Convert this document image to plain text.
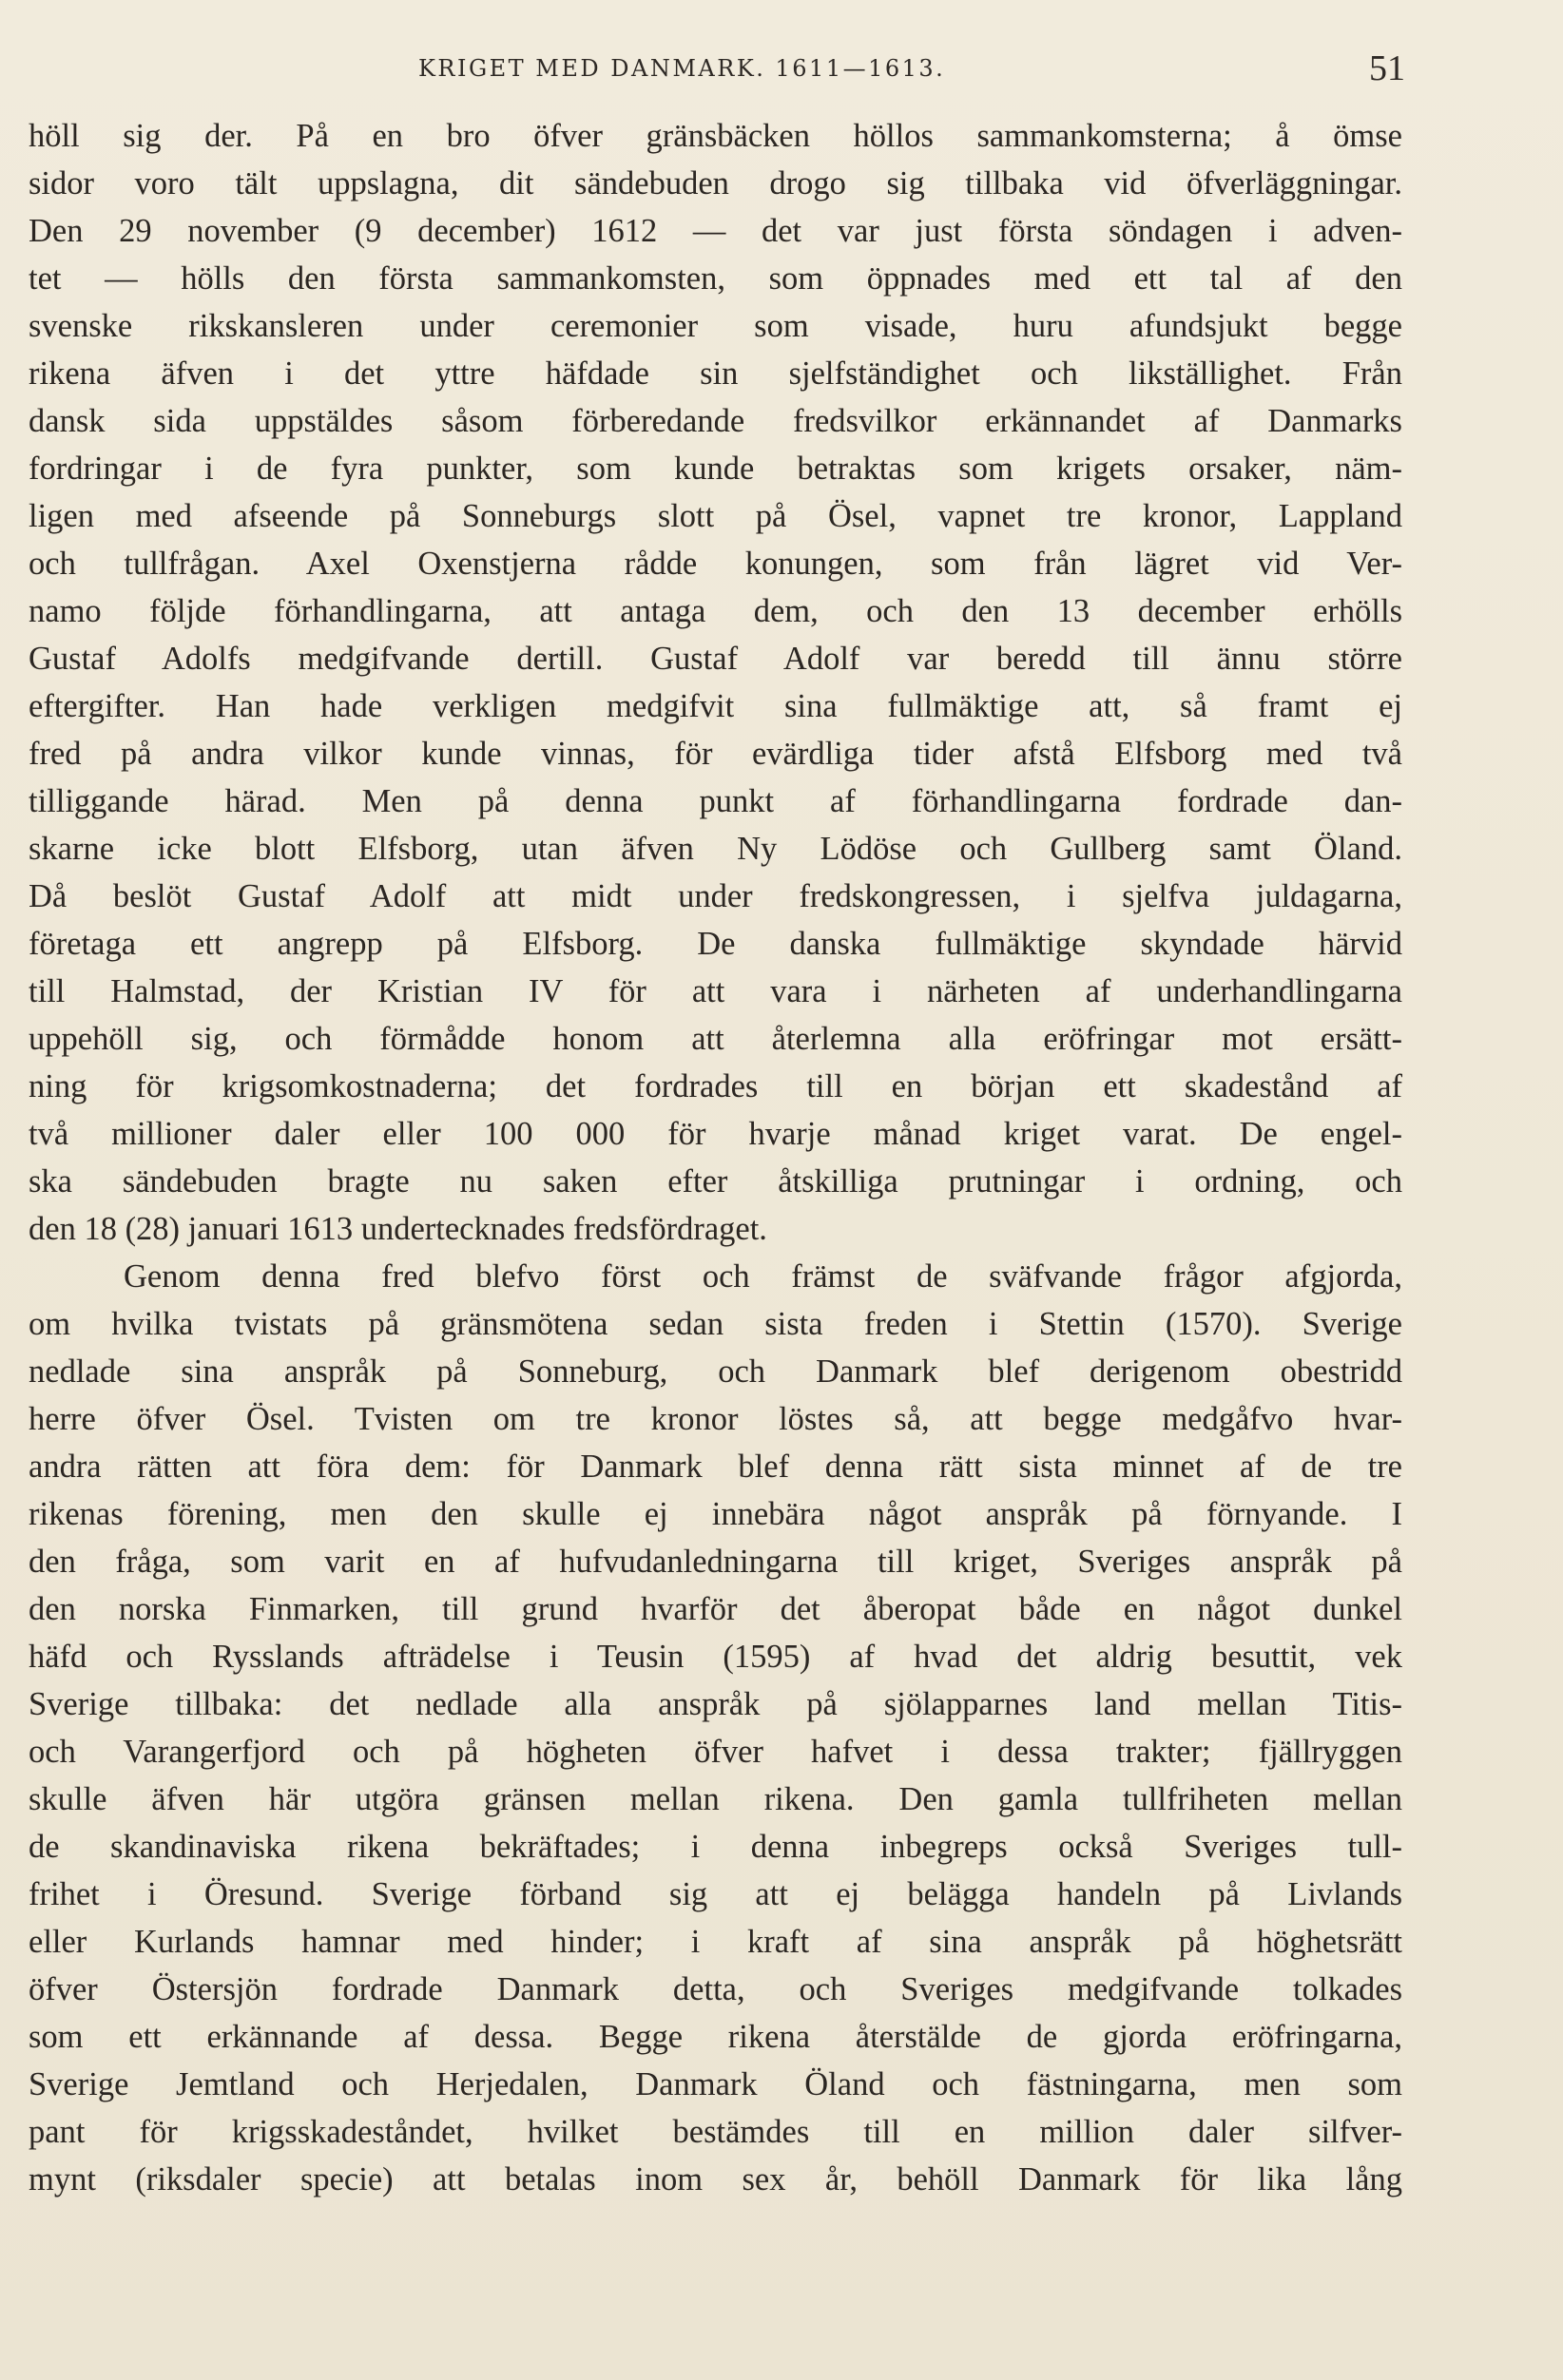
KRIGET MED DANMARK. 1611—1613.	51
höll sig der. På en bro öfver gränsbäcken höllos sammankomsterna; å ömse
sidor voro tält uppslagna, dit sändebuden drogo sig tillbaka vid öfverläggningar.
Den 29 november (9 december) 1612 — det var just första söndagen i adven-
tet — hölls den första sammankomsten, som öppnades med ett tal af den
svenske rikskansleren under ceremonier som visade, huru afundsjukt begge
rikena äfven i det yttre häfdade sin sjelfständighet och likställighet. Från
dansk sida uppstäldes såsom förberedande fredsvilkor erkännandet af Danmarks
fordringar i de fyra punkter, som kunde betraktas som krigets orsaker, näm-
ligen med afseende på Sonneburgs slott på Ösel, vapnet tre kronor, Lappland
och tullfrågan. Axel Oxenstjerna rådde konungen, som från lägret vid Ver-
namo följde förhandlingarna, att antaga dem, och den 13 december erhölls
Gustaf Adolfs medgifvande dertill. Gustaf Adolf var beredd till ännu större
eftergifter. Han hade verkligen medgifvit sina fullmäktige att, så framt ej
fred på andra vilkor kunde vinnas, för evärdliga tider afstå Elfsborg med två
tilliggande härad. Men på denna punkt af förhandlingarna fordrade dan-
skarne icke blott Elfsborg, utan äfven Ny Lödöse och Gullberg samt Öland.
Då beslöt Gustaf Adolf att midt under fredskongressen, i sjelfva juldagarna,
företaga ett angrepp på Elfsborg. De danska fullmäktige skyndade härvid
till Halmstad, der Kristian IV för att vara i närheten af underhandlingarna
uppehöll sig, och förmådde honom att återlemna alla eröfringar mot ersätt-
ning för krigsomkostnaderna; det fordrades till en början ett skadestånd af
två millioner daler eller 100 000 för hvarje månad kriget varat. De engel-
ska sändebuden bragte nu saken efter åtskilliga prutningar i ordning, och
den 18 (28) januari 1613 undertecknades fredsfördraget.
Genom denna fred blefvo först och främst de sväfvande frågor afgjorda,
om hvilka tvistats på gränsmötena sedan sista freden i Stettin (1570). Sverige
nedlade sina anspråk på Sonneburg, och Danmark blef derigenom obestridd
herre öfver Ösel. Tvisten om tre kronor löstes så, att begge medgåfvo hvar-
andra rätten att föra dem: för Danmark blef denna rätt sista minnet af de tre
rikenas förening, men den skulle ej innebära något anspråk på förnyande. I
den fråga, som varit en af hufvudanledningarna till kriget, Sveriges anspråk på
den norska Finmarken, till grund hvarför det åberopat både en något dunkel
häfd och Rysslands afträdelse i Teusin (1595) af hvad det aldrig besuttit, vek
Sverige tillbaka: det nedlade alla anspråk på sjölapparnes land mellan Titis-
och Varangerfjord och på högheten öfver hafvet i dessa trakter; fjällryggen
skulle äfven här utgöra gränsen mellan rikena. Den gamla tullfriheten mellan
de skandinaviska rikena bekräftades; i denna inbegreps också Sveriges tull-
frihet i Öresund. Sverige förband sig att ej belägga handeln på Livlands
eller Kurlands hamnar med hinder; i kraft af sina anspråk på höghetsrätt
öfver Östersjön fordrade Danmark detta, och Sveriges medgifvande tolkades
som ett erkännande af dessa. Begge rikena återstälde de gjorda eröfringarna,
Sverige Jemtland och Herjedalen, Danmark Öland och fästningarna, men som
pant för krigsskadeståndet, hvilket bestämdes till en million daler silfver-
mynt (riksdaler specie) att betalas inom sex år, behöll Danmark för lika lång
